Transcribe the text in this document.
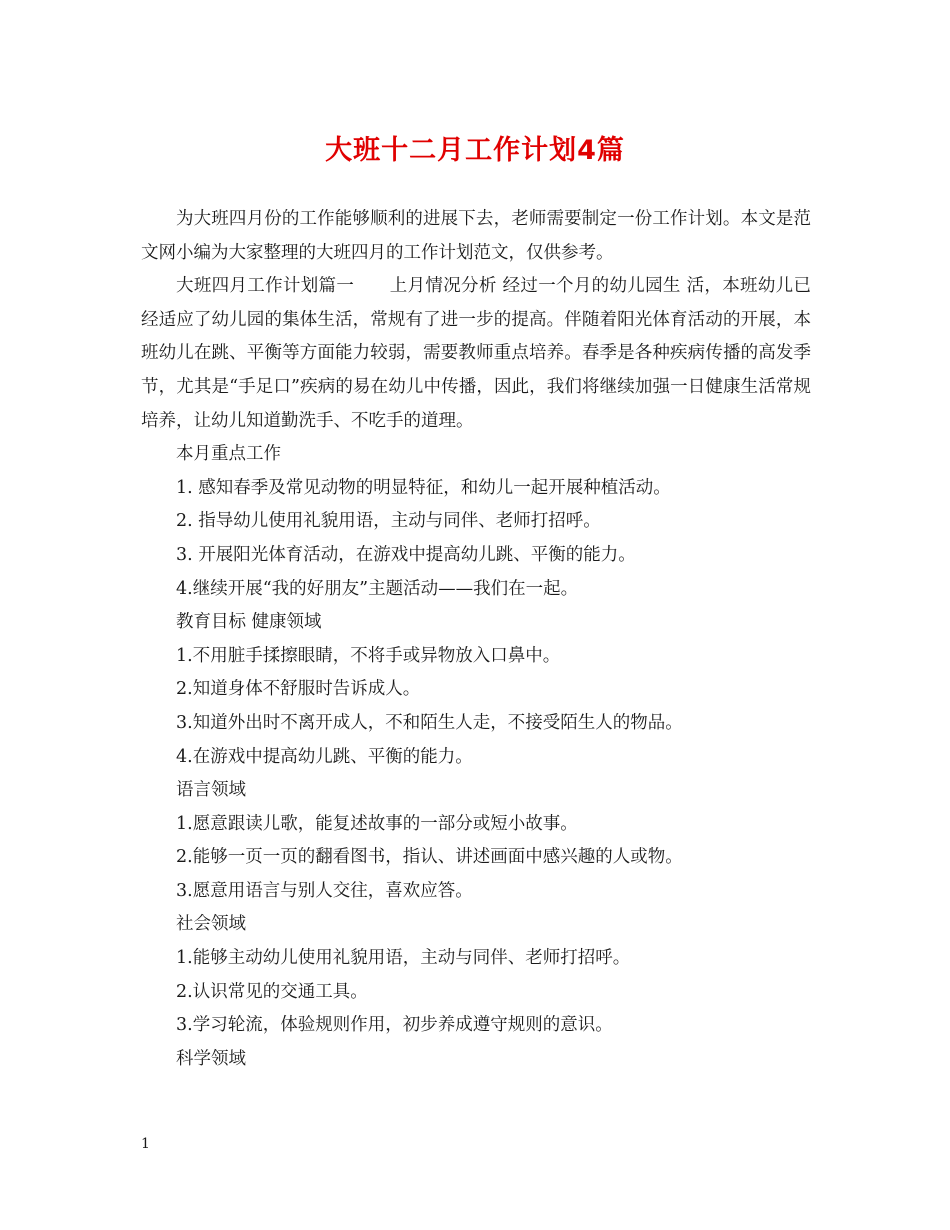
大班十二月工作计划4篇

为大班四月份的工作能够顺利的进展下去，老师需要制定一份工作计划。本文是范文网小编为大家整理的大班四月的工作计划范文，仅供参考。

大班四月工作计划篇一　　上月情况分析 经过一个月的幼儿园生 活，本班幼儿已经适应了幼儿园的集体生活，常规有了进一步的提高。伴随着阳光体育活动的开展，本班幼儿在跳、平衡等方面能力较弱，需要教师重点培养。春季是各种疾病传播的高发季节，尤其是“手足口”疾病的易在幼儿中传播，因此，我们将继续加强一日健康生活常规培养，让幼儿知道勤洗手、不吃手的道理。

本月重点工作

1. 感知春季及常见动物的明显特征，和幼儿一起开展种植活动。

2. 指导幼儿使用礼貌用语，主动与同伴、老师打招呼。

3. 开展阳光体育活动，在游戏中提高幼儿跳、平衡的能力。

4.继续开展“我的好朋友”主题活动——我们在一起。

教育目标 健康领域

1.不用脏手揉擦眼睛，不将手或异物放入口鼻中。

2.知道身体不舒服时告诉成人。

3.知道外出时不离开成人，不和陌生人走，不接受陌生人的物品。

4.在游戏中提高幼儿跳、平衡的能力。

语言领域

1.愿意跟读儿歌，能复述故事的一部分或短小故事。

2.能够一页一页的翻看图书，指认、讲述画面中感兴趣的人或物。

3.愿意用语言与别人交往，喜欢应答。

社会领域

1.能够主动幼儿使用礼貌用语，主动与同伴、老师打招呼。

2.认识常见的交通工具。

3.学习轮流，体验规则作用，初步养成遵守规则的意识。

科学领域

1
